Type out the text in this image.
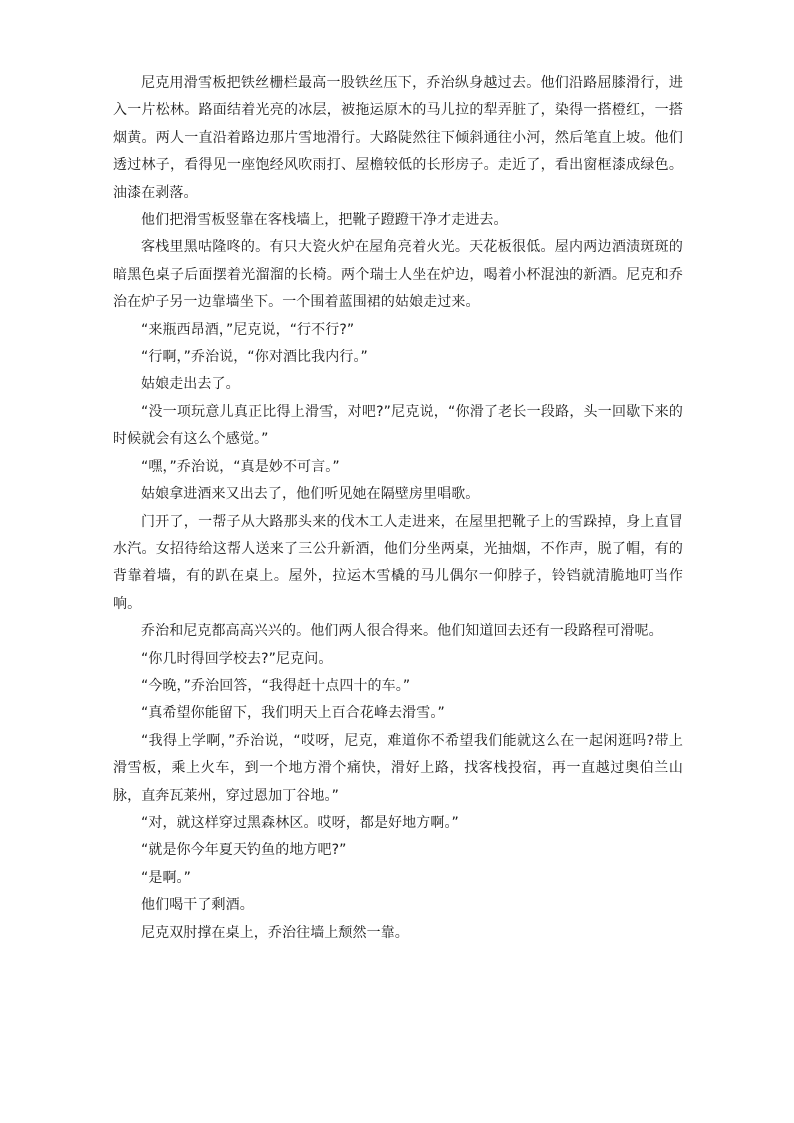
尼克用滑雪板把铁丝栅栏最高一股铁丝压下，乔治纵身越过去。他们沿路屈膝滑行，进入一片松林。路面结着光亮的冰层，被拖运原木的马儿拉的犁弄脏了，染得一搭橙红，一搭烟黄。两人一直沿着路边那片雪地滑行。大路陡然往下倾斜通往小河，然后笔直上坡。他们透过林子，看得见一座饱经风吹雨打、屋檐较低的长形房子。走近了，看出窗框漆成绿色。油漆在剥落。

他们把滑雪板竖靠在客栈墙上，把靴子蹬蹬干净才走进去。

客栈里黑咕隆咚的。有只大瓷火炉在屋角亮着火光。天花板很低。屋内两边酒渍斑斑的暗黑色桌子后面摆着光溜溜的长椅。两个瑞士人坐在炉边，喝着小杯混浊的新酒。尼克和乔治在炉子另一边靠墙坐下。一个围着蓝围裙的姑娘走过来。

“来瓶西昂酒，”尼克说，“行不行?”

“行啊，”乔治说，“你对酒比我内行。”

姑娘走出去了。

“没一项玩意儿真正比得上滑雪，对吧?”尼克说，“你滑了老长一段路，头一回歇下来的时候就会有这么个感觉。”

“嘿，”乔治说，“真是妙不可言。”

姑娘拿进酒来又出去了，他们听见她在隔壁房里唱歌。

门开了，一帮子从大路那头来的伐木工人走进来，在屋里把靴子上的雪跺掉，身上直冒水汽。女招待给这帮人送来了三公升新酒，他们分坐两桌，光抽烟，不作声，脱了帽，有的背靠着墙，有的趴在桌上。屋外，拉运木雪橇的马儿偶尔一仰脖子，铃铛就清脆地叮当作响。

乔治和尼克都高高兴兴的。他们两人很合得来。他们知道回去还有一段路程可滑呢。

“你几时得回学校去?”尼克问。

“今晚，”乔治回答，“我得赶十点四十的车。”

“真希望你能留下，我们明天上百合花峰去滑雪。”

“我得上学啊，”乔治说，“哎呀，尼克，难道你不希望我们能就这么在一起闲逛吗?带上滑雪板，乘上火车，到一个地方滑个痛快，滑好上路，找客栈投宿，再一直越过奥伯兰山脉，直奔瓦莱州，穿过恩加丁谷地。”

“对，就这样穿过黑森林区。哎呀，都是好地方啊。”

“就是你今年夏天钓鱼的地方吧?”

“是啊。”

他们喝干了剩酒。

尼克双肘撑在桌上，乔治往墙上颓然一靠。
